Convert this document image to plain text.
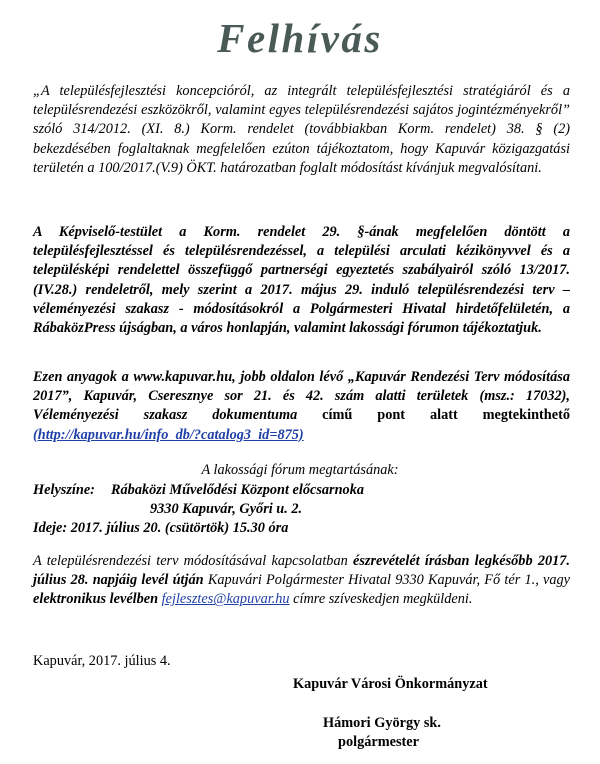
Felhívás
„A településfejlesztési koncepcióról, az integrált településfejlesztési stratégiáról és a településrendezési eszközökről, valamint egyes településrendezési sajátos jogintézményekről” szóló 314/2012. (XI. 8.) Korm. rendelet (továbbiakban Korm. rendelet) 38. § (2) bekezdésében foglaltaknak megfelelően ezúton tájékoztatom, hogy Kapuvár közigazgatási területén a 100/2017.(V.9) ÖKT. határozatban foglalt módosítást kívánjuk megvalósítani.
A Képviselő-testület a Korm. rendelet 29. §-ának megfelelően döntött a településfejlesztéssel és településrendezéssel, a települési arculati kézikönyvvel és a településképi rendelettel összefüggő partnerségi egyeztetés szabályairól szóló 13/2017. (IV.28.) rendeletről, mely szerint a 2017. május 29. induló településrendezési terv – véleményezési szakasz - módosításokról a Polgármesteri Hivatal hirdetőfelületén, a RábaközPress újságban, a város honlapján, valamint lakossági fórumon tájékoztatjuk.
Ezen anyagok a www.kapuvar.hu, jobb oldalon lévő „Kapuvár Rendezési Terv módosítása 2017”, Kapuvár, Cseresznye sor 21. és 42. szám alatti területek (msz.: 17032), Véleményezési szakasz dokumentuma című pont alatt megtekinthető (http://kapuvar.hu/info_db/?catalog3_id=875)
A lakossági fórum megtartásának:
Helyszíne: Rábaközi Művelődési Központ előcsarnoka
9330 Kapuvár, Győri u. 2.
Ideje: 2017. július 20. (csütörtök) 15.30 óra
A településrendezési terv módosításával kapcsolatban észrevételét írásban legkésőbb 2017. július 28. napjáig levél útján Kapuvári Polgármester Hivatal 9330 Kapuvár, Fő tér 1., vagy elektronikus levélben fejlesztes@kapuvar.hu címre szíveskedjen megküldeni.
Kapuvár, 2017. július 4.
Kapuvár Városi Önkormányzat
Hámori György sk.
polgármester
